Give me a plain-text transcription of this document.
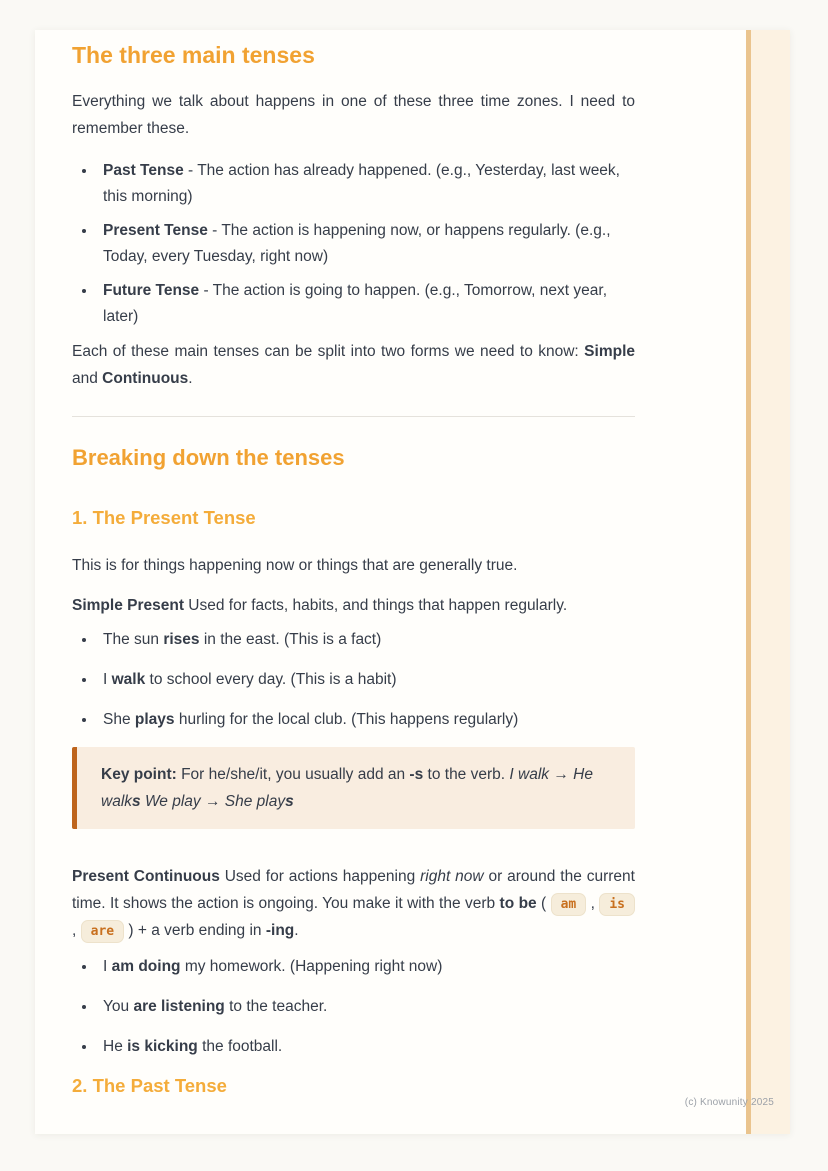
The three main tenses

Everything we talk about happens in one of these three time zones. I need to remember these.

• Past Tense - The action has already happened. (e.g., Yesterday, last week, this morning)
• Present Tense - The action is happening now, or happens regularly. (e.g., Today, every Tuesday, right now)
• Future Tense - The action is going to happen. (e.g., Tomorrow, next year, later)

Each of these main tenses can be split into two forms we need to know: Simple and Continuous.

Breaking down the tenses
1. The Present Tense

This is for things happening now or things that are generally true.

Simple Present Used for facts, habits, and things that happen regularly.

• The sun rises in the east. (This is a fact)
• I walk to school every day. (This is a habit)
• She plays hurling for the local club. (This happens regularly)
Key point: For he/she/it, you usually add an -s to the verb. I walk → He walks We play → She plays

Present Continuous Used for actions happening right now or around the current time. It shows the action is ongoing. You make it with the verb to be ( am , is , are ) + a verb ending in -ing.

• I am doing my homework. (Happening right now)
• You are listening to the teacher.
• He is kicking the football.
2. The Past Tense
(c) Knowunity 2025
